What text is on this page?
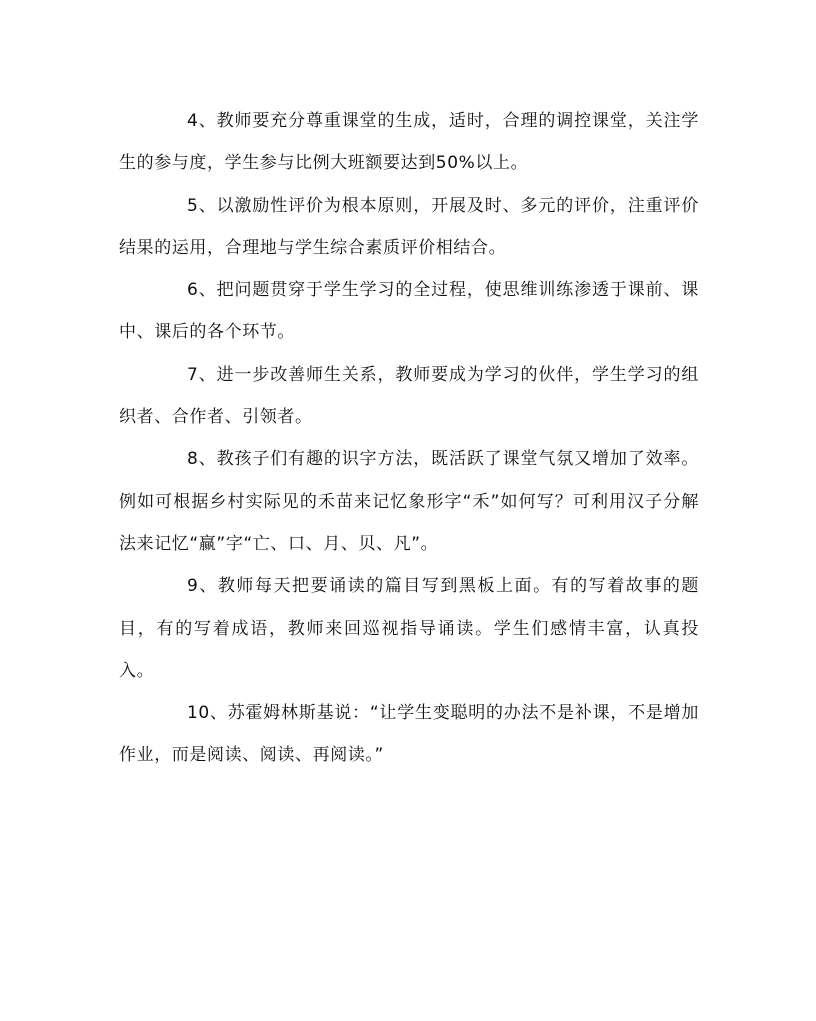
4、教师要充分尊重课堂的生成，适时，合理的调控课堂，关注学生的参与度，学生参与比例大班额要达到50%以上。

5、以激励性评价为根本原则，开展及时、多元的评价，注重评价结果的运用，合理地与学生综合素质评价相结合。

6、把问题贯穿于学生学习的全过程，使思维训练渗透于课前、课中、课后的各个环节。

7、进一步改善师生关系，教师要成为学习的伙伴，学生学习的组织者、合作者、引领者。

8、教孩子们有趣的识字方法，既活跃了课堂气氛又增加了效率。例如可根据乡村实际见的禾苗来记忆象形字“禾”如何写？可利用汉子分解法来记忆“赢”字“亡、口、月、贝、凡”。

9、教师每天把要诵读的篇目写到黑板上面。有的写着故事的题目，有的写着成语，教师来回巡视指导诵读。学生们感情丰富，认真投入。

10、苏霍姆林斯基说：“让学生变聪明的办法不是补课，不是增加作业，而是阅读、阅读、再阅读。”
